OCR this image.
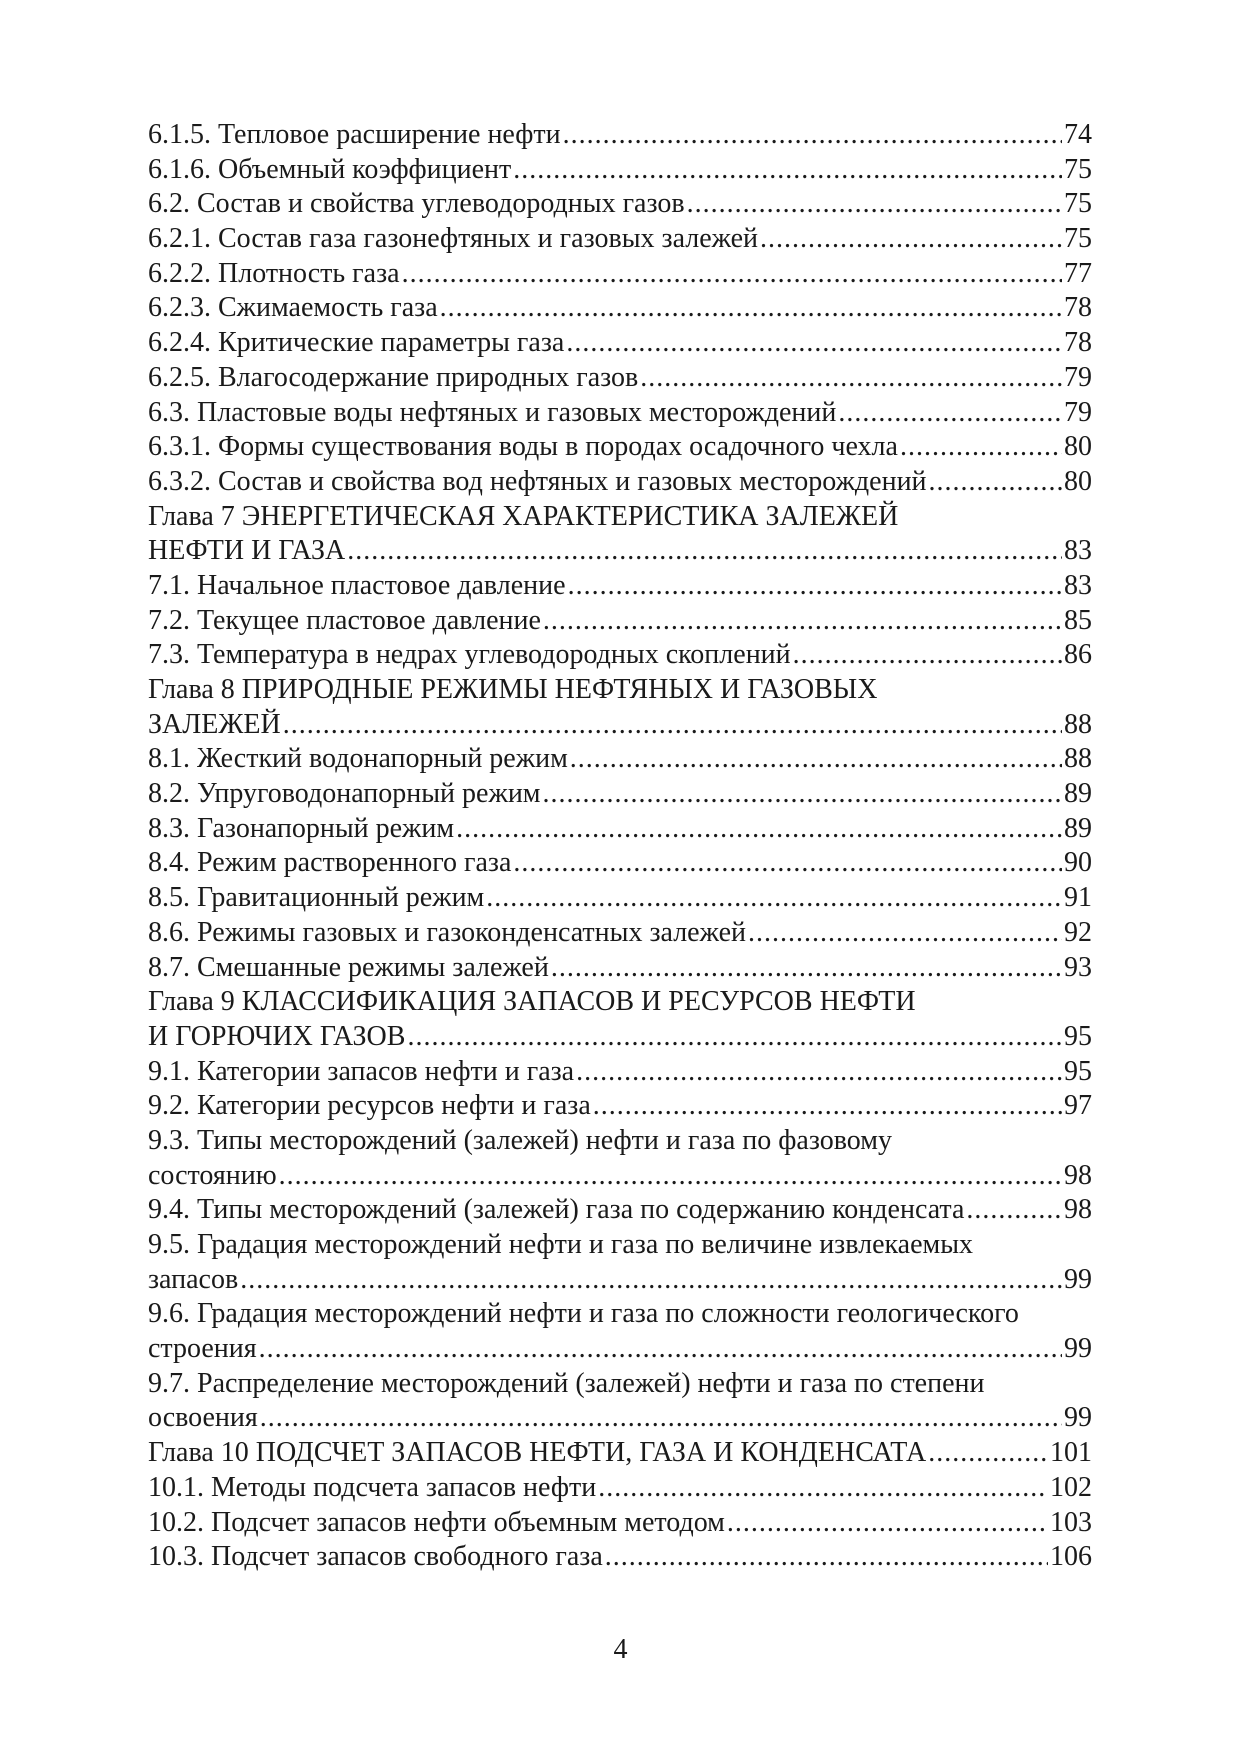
6.1.5. Тепловое расширение нефти .....	74
6.1.6. Объемный коэффициент .....	75
6.2. Состав и свойства углеводородных газов .....	75
6.2.1. Состав газа газонефтяных и газовых залежей .....	75
6.2.2. Плотность газа .....	77
6.2.3. Сжимаемость газа .....	78
6.2.4. Критические параметры газа .....	78
6.2.5. Влагосодержание природных газов .....	79
6.3. Пластовые воды нефтяных и газовых месторождений .....	79
6.3.1. Формы существования воды в породах осадочного чехла .....	80
6.3.2. Состав и свойства вод нефтяных и газовых месторождений .....	80
Глава 7 ЭНЕРГЕТИЧЕСКАЯ ХАРАКТЕРИСТИКА ЗАЛЕЖЕЙ
НЕФТИ И ГАЗА .....	83
7.1. Начальное пластовое давление .....	83
7.2. Текущее пластовое давление .....	85
7.3. Температура в недрах углеводородных скоплений .....	86
Глава 8 ПРИРОДНЫЕ РЕЖИМЫ НЕФТЯНЫХ И ГАЗОВЫХ
ЗАЛЕЖЕЙ .....	88
8.1. Жесткий водонапорный режим .....	88
8.2. Упруговодонапорный режим .....	89
8.3. Газонапорный режим .....	89
8.4. Режим растворенного газа .....	90
8.5. Гравитационный режим .....	91
8.6. Режимы газовых и газоконденсатных залежей .....	92
8.7. Смешанные режимы залежей .....	93
Глава 9 КЛАССИФИКАЦИЯ ЗАПАСОВ И РЕСУРСОВ НЕФТИ
И ГОРЮЧИХ ГАЗОВ .....	95
9.1. Категории запасов нефти и газа .....	95
9.2. Категории ресурсов нефти и газа .....	97
9.3. Типы месторождений (залежей) нефти и газа по фазовому
состоянию .....	98
9.4. Типы месторождений (залежей) газа по содержанию конденсата .....	98
9.5. Градация месторождений нефти и газа по величине извлекаемых
запасов .....	99
9.6. Градация месторождений нефти и газа по сложности геологического
строения .....	99
9.7. Распределение месторождений (залежей) нефти и газа по степени
освоения .....	99
Глава 10 ПОДСЧЕТ ЗАПАСОВ НЕФТИ, ГАЗА И КОНДЕНСАТА .....	101
10.1. Методы подсчета запасов нефти .....	102
10.2. Подсчет запасов нефти объемным методом .....	103
10.3. Подсчет запасов свободного газа .....	106
4
